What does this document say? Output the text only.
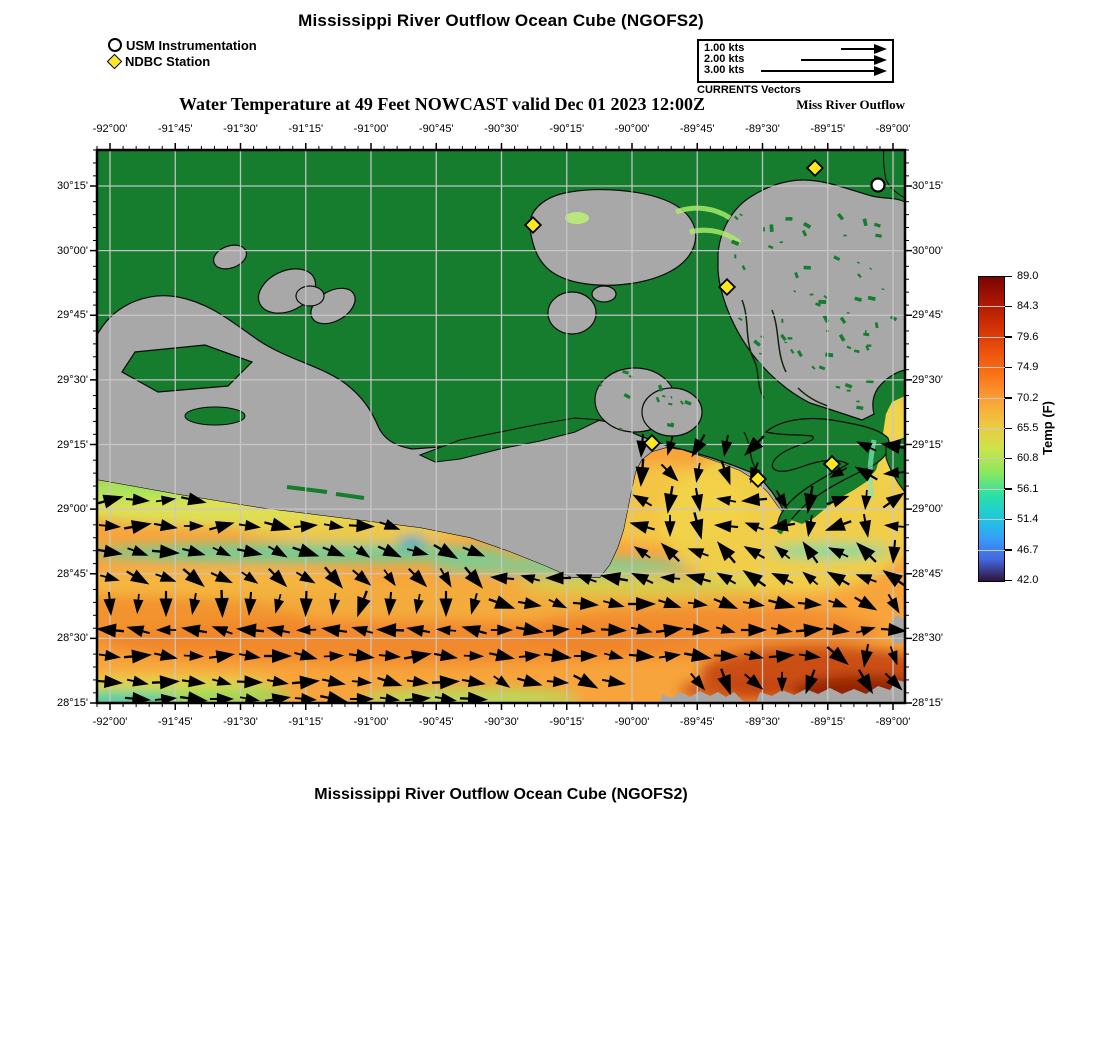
Mississippi River Outflow Ocean Cube (NGOFS2)
USM Instrumentation
NDBC Station
1.00 kts
2.00 kts
3.00 kts
CURRENTS Vectors
Water Temperature at 49 Feet NOWCAST valid Dec 01 2023 12:00Z	Miss River Outflow
89.0
84.3
79.6
74.9
70.2
65.5
60.8
56.1
51.4
46.7
42.0
Temp (F)
-92°00'
-92°00'
-91°45'
-91°45'
-91°30'
-91°30'
-91°15'
-91°15'
-91°00'
-91°00'
-90°45'
-90°45'
-90°30'
-90°30'
-90°15'
-90°15'
-90°00'
-90°00'
-89°45'
-89°45'
-89°30'
-89°30'
-89°15'
-89°15'
-89°00'
-89°00'
30°15'	30°15'
30°00'	30°00'
29°45'	29°45'
29°30'	29°30'
29°15'	29°15'
29°00'	29°00'
28°45'	28°45'
28°30'	28°30'
28°15'	28°15'
Mississippi River Outflow Ocean Cube (NGOFS2)
